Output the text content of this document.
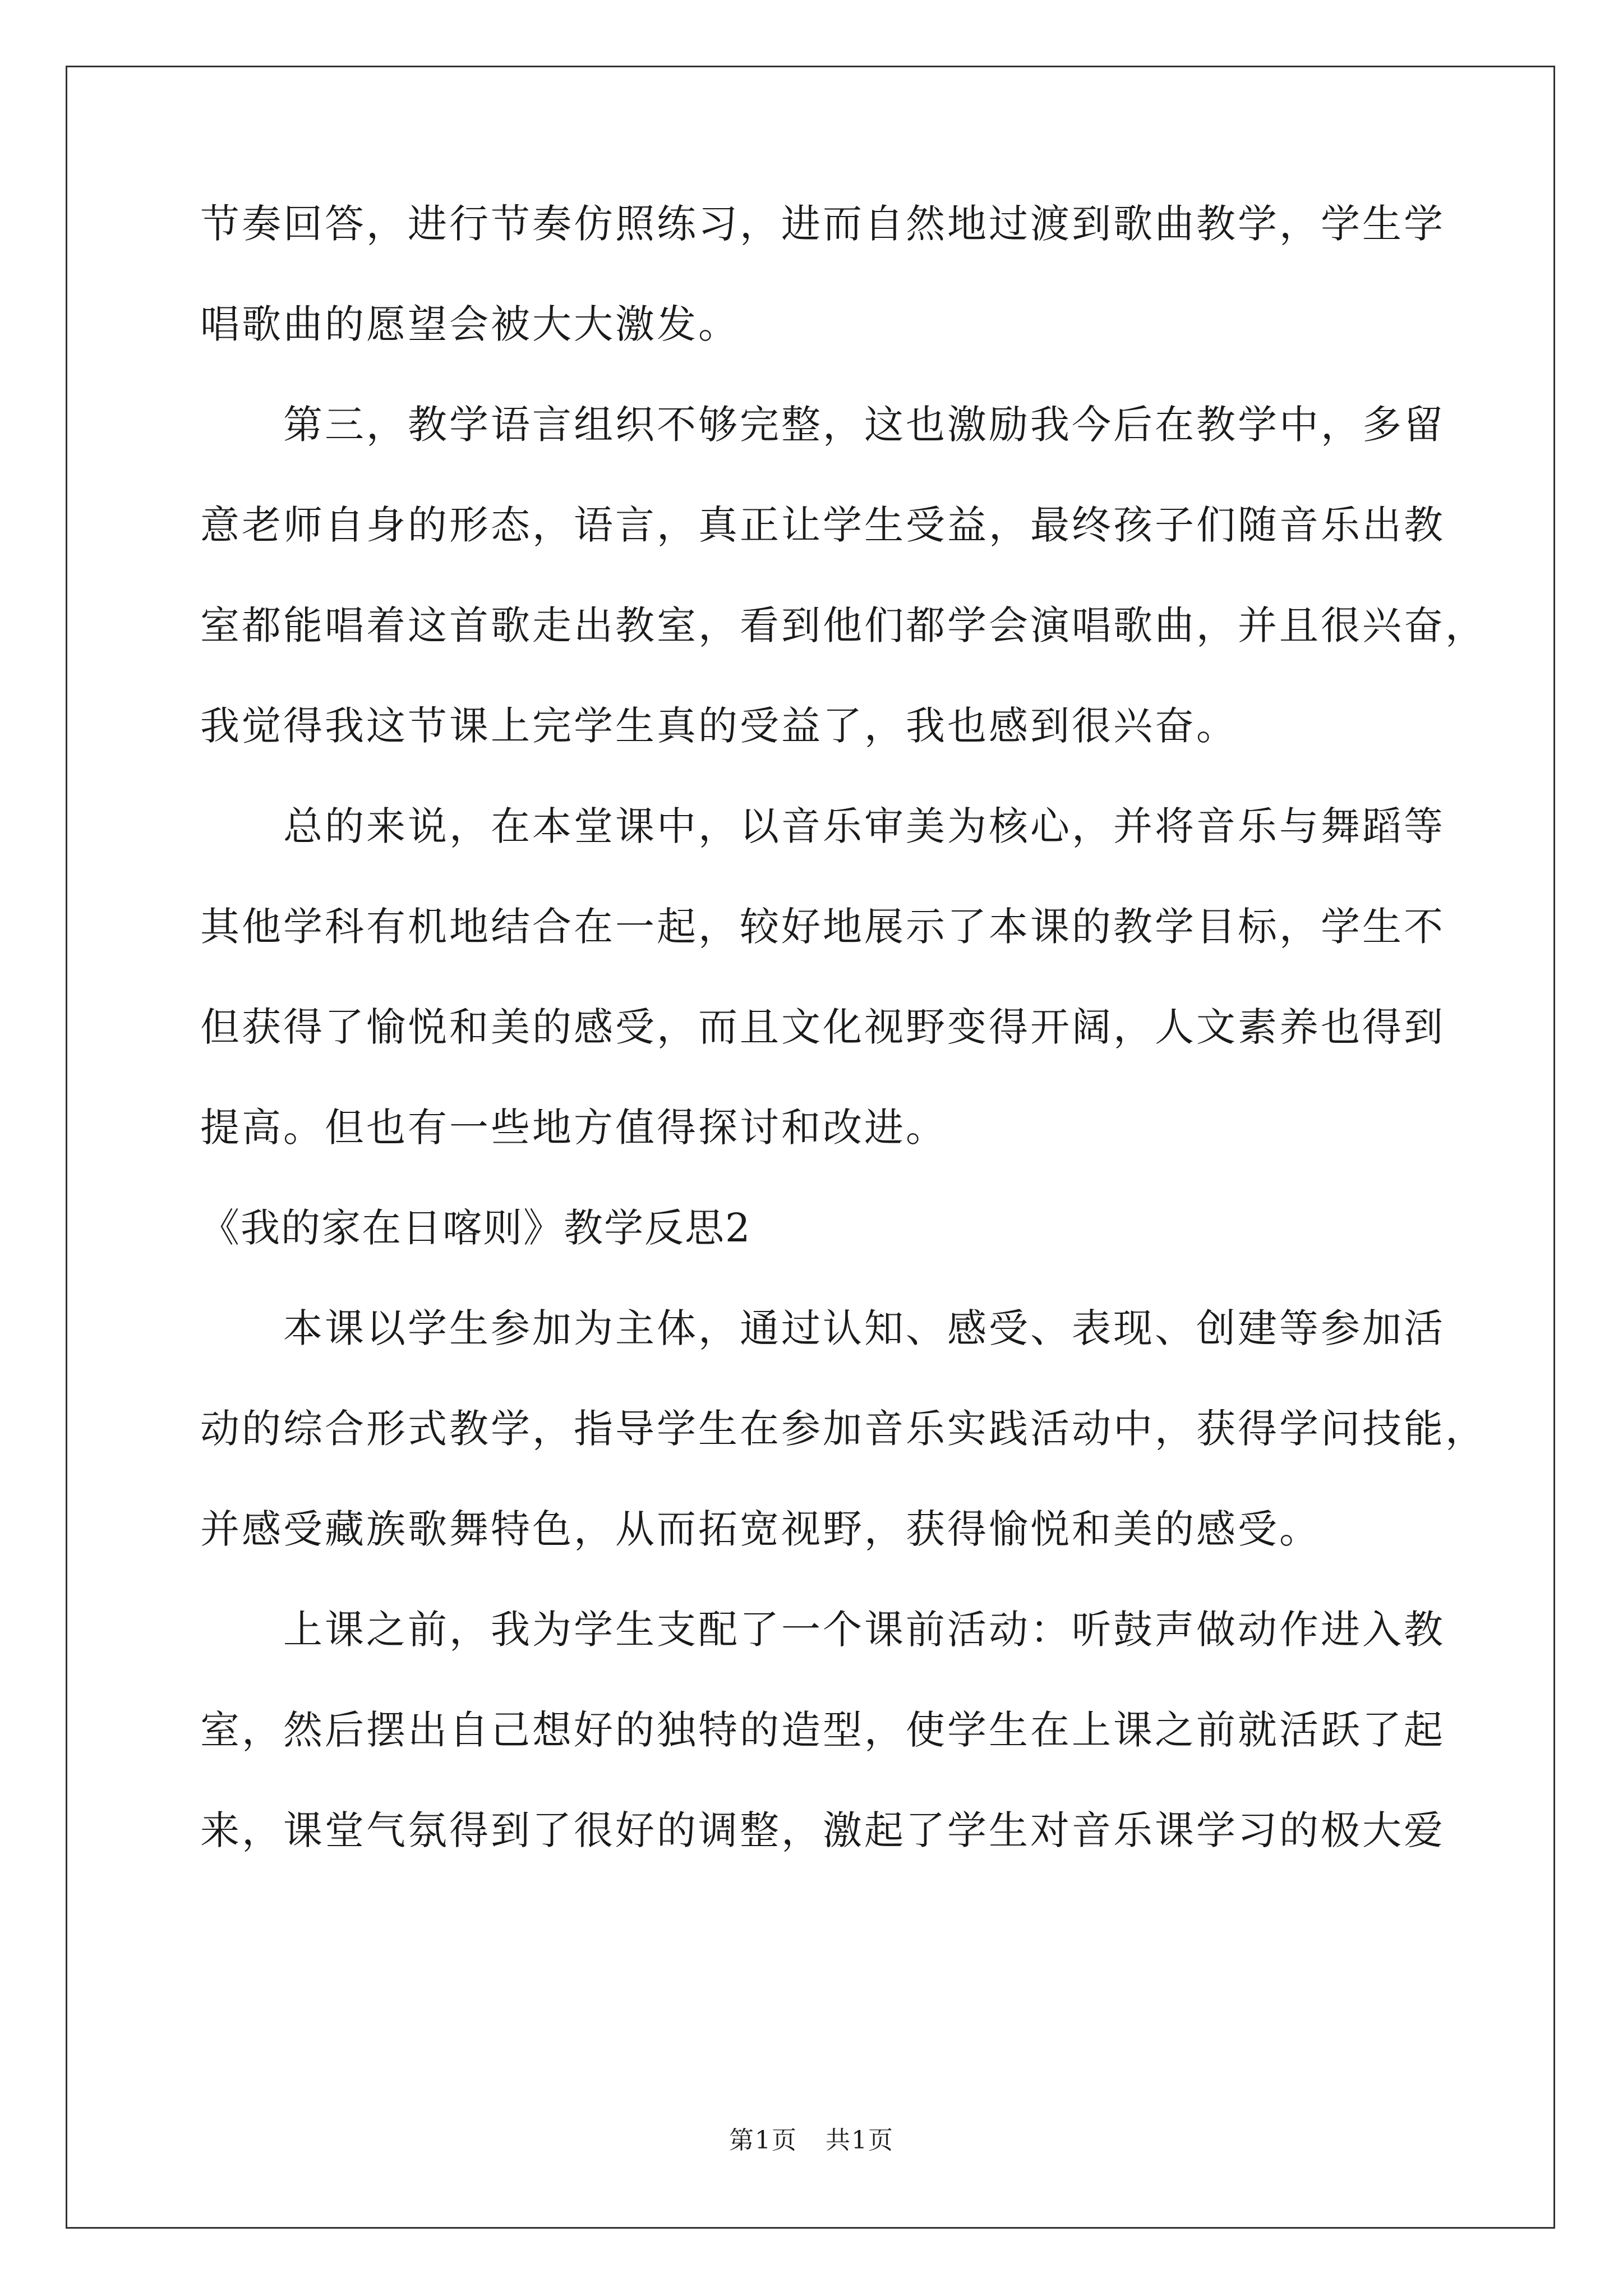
节奏回答，进行节奏仿照练习，进而自然地过渡到歌曲教学，学生学

唱歌曲的愿望会被大大激发。

第三，教学语言组织不够完整，这也激励我今后在教学中，多留

意老师自身的形态，语言，真正让学生受益，最终孩子们随音乐出教

室都能唱着这首歌走出教室，看到他们都学会演唱歌曲，并且很兴奋，

我觉得我这节课上完学生真的受益了，我也感到很兴奋。

总的来说，在本堂课中，以音乐审美为核心，并将音乐与舞蹈等

其他学科有机地结合在一起，较好地展示了本课的教学目标，学生不

但获得了愉悦和美的感受，而且文化视野变得开阔，人文素养也得到

提高。但也有一些地方值得探讨和改进。

《我的家在日喀则》教学反思2

本课以学生参加为主体，通过认知、感受、表现、创建等参加活

动的综合形式教学，指导学生在参加音乐实践活动中，获得学问技能，

并感受藏族歌舞特色，从而拓宽视野，获得愉悦和美的感受。

上课之前，我为学生支配了一个课前活动：听鼓声做动作进入教

室，然后摆出自己想好的独特的造型，使学生在上课之前就活跃了起

来，课堂气氛得到了很好的调整，激起了学生对音乐课学习的极大爱

第1页 共1页
